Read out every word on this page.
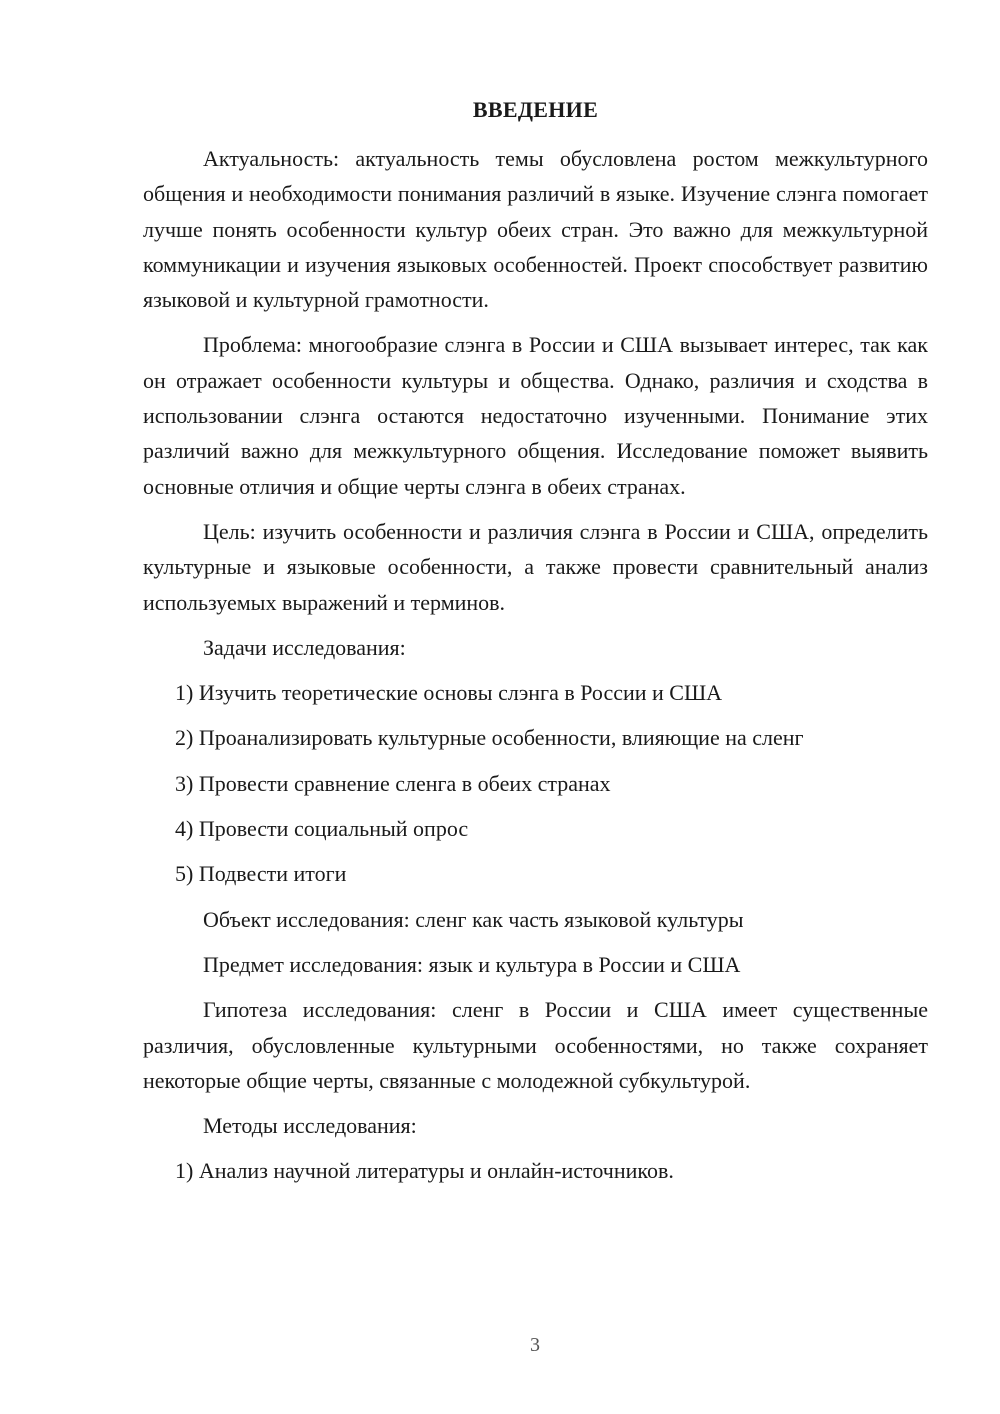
ВВЕДЕНИЕ

Актуальность: актуальность темы обусловлена ростом межкультурного общения и необходимости понимания различий в языке. Изучение слэнга помогает лучше понять особенности культур обеих стран. Это важно для межкультурной коммуникации и изучения языковых особенностей. Проект способствует развитию языковой и культурной грамотности.

Проблема: многообразие слэнга в России и США вызывает интерес, так как он отражает особенности культуры и общества. Однако, различия и сходства в использовании слэнга остаются недостаточно изученными. Понимание этих различий важно для межкультурного общения. Исследование поможет выявить основные отличия и общие черты слэнга в обеих странах.

Цель: изучить особенности и различия слэнга в России и США, определить культурные и языковые особенности, а также провести сравнительный анализ используемых выражений и терминов.

Задачи исследования:
1) Изучить теоретические основы слэнга в России и США
2) Проанализировать культурные особенности, влияющие на сленг
3) Провести сравнение сленга в обеих странах
4) Провести социальный опрос
5) Подвести итоги
Объект исследования: сленг как часть языковой культуры
Предмет исследования: язык и культура в России и США

Гипотеза исследования: сленг в России и США имеет существенные различия, обусловленные культурными особенностями, но также сохраняет некоторые общие черты, связанные с молодежной субкультурой.

Методы исследования:
1) Анализ научной литературы и онлайн-источников.
3
